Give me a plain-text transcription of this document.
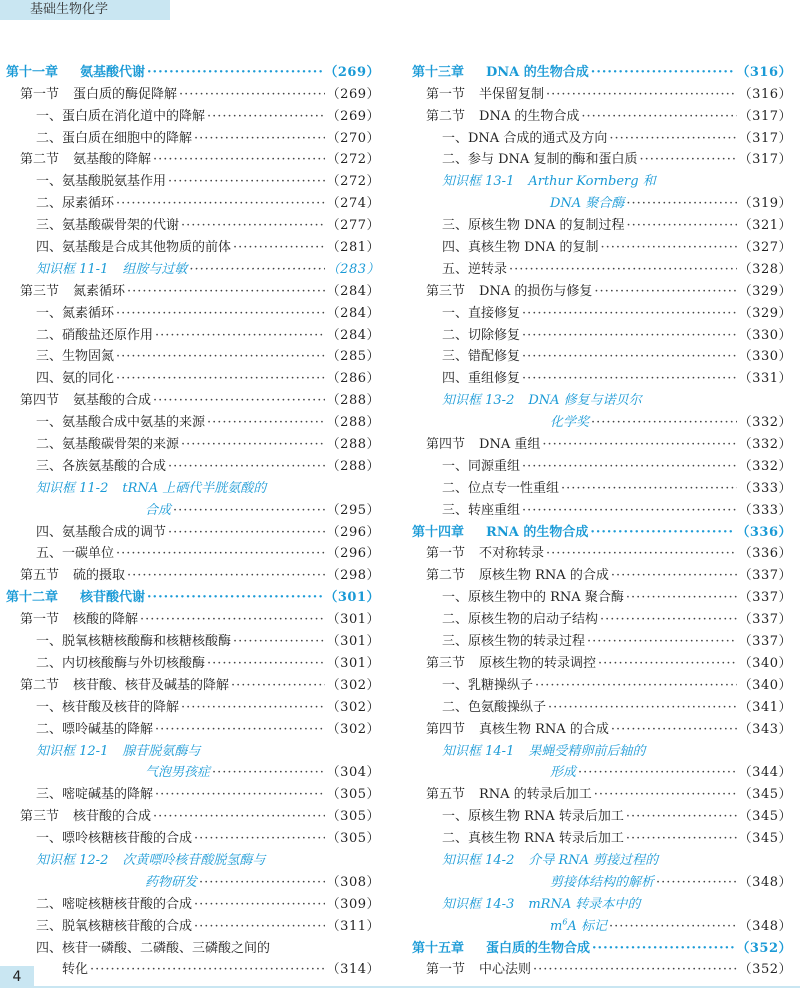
基础生物化学
第十一章 氨基酸代谢 ·····	（269）
第一节 蛋白质的酶促降解 ·····	（269）
一、蛋白质在消化道中的降解 ·····	（269）
二、蛋白质在细胞中的降解 ·····	（270）
第二节 氨基酸的降解 ·····	（272）
一、氨基酸脱氨基作用 ·····	（272）
二、尿素循环 ·····	（274）
三、氨基酸碳骨架的代谢 ·····	（277）
四、氨基酸是合成其他物质的前体 ·····	（281）
知识框 11-1 组胺与过敏 ·····	（283）
第三节 氮素循环 ·····	（284）
一、氮素循环 ·····	（284）
二、硝酸盐还原作用 ·····	（284）
三、生物固氮 ·····	（285）
四、氨的同化 ·····	（286）
第四节 氨基酸的合成 ·····	（288）
一、氨基酸合成中氨基的来源 ·····	（288）
二、氨基酸碳骨架的来源 ·····	（288）
三、各族氨基酸的合成 ·····	（288）
知识框 11-2 tRNA 上硒代半胱氨酸的
合成 ·····	（295）
四、氨基酸合成的调节 ·····	（296）
五、一碳单位 ·····	（296）
第五节 硫的摄取 ·····	（298）
第十二章 核苷酸代谢 ·····	（301）
第一节 核酸的降解 ·····	（301）
一、脱氧核糖核酸酶和核糖核酸酶 ·····	（301）
二、内切核酸酶与外切核酸酶 ·····	（301）
第二节 核苷酸、核苷及碱基的降解 ·····	（302）
一、核苷酸及核苷的降解 ·····	（302）
二、嘌呤碱基的降解 ·····	（302）
知识框 12-1 腺苷脱氨酶与
气泡男孩症 ·····	（304）
三、嘧啶碱基的降解 ·····	（305）
第三节 核苷酸的合成 ·····	（305）
一、嘌呤核糖核苷酸的合成 ·····	（305）
知识框 12-2 次黄嘌呤核苷酸脱氢酶与
药物研发 ·····	（308）
二、嘧啶核糖核苷酸的合成 ·····	（309）
三、脱氧核糖核苷酸的合成 ·····	（311）
四、核苷一磷酸、二磷酸、三磷酸之间的
转化 ·····	（314）
第十三章 DNA 的生物合成 ·····	（316）
第一节 半保留复制 ·····	（316）
第二节 DNA 的生物合成 ·····	（317）
一、DNA 合成的通式及方向 ·····	（317）
二、参与 DNA 复制的酶和蛋白质 ·····	（317）
知识框 13-1 Arthur Kornberg 和
DNA 聚合酶 ·····	（319）
三、原核生物 DNA 的复制过程 ·····	（321）
四、真核生物 DNA 的复制 ·····	（327）
五、逆转录 ·····	（328）
第三节 DNA 的损伤与修复 ·····	（329）
一、直接修复 ·····	（329）
二、切除修复 ·····	（330）
三、错配修复 ·····	（330）
四、重组修复 ·····	（331）
知识框 13-2 DNA 修复与诺贝尔
化学奖 ·····	（332）
第四节 DNA 重组 ·····	（332）
一、同源重组 ·····	（332）
二、位点专一性重组 ·····	（333）
三、转座重组 ·····	（333）
第十四章 RNA 的生物合成 ·····	（336）
第一节 不对称转录 ·····	（336）
第二节 原核生物 RNA 的合成 ·····	（337）
一、原核生物中的 RNA 聚合酶 ·····	（337）
二、原核生物的启动子结构 ·····	（337）
三、原核生物的转录过程 ·····	（337）
第三节 原核生物的转录调控 ·····	（340）
一、乳糖操纵子 ·····	（340）
二、色氨酸操纵子 ·····	（341）
第四节 真核生物 RNA 的合成 ·····	（343）
知识框 14-1 果蝇受精卵前后轴的
形成 ·····	（344）
第五节 RNA 的转录后加工 ·····	（345）
一、原核生物 RNA 转录后加工 ·····	（345）
二、真核生物 RNA 转录后加工 ·····	（345）
知识框 14-2 介导 RNA 剪接过程的
剪接体结构的解析 ·····	（348）
知识框 14-3 mRNA 转录本中的
$m^6A$ 标记 ·····	（348）
第十五章 蛋白质的生物合成 ·····	（352）
第一节 中心法则 ·····	（352）
4
